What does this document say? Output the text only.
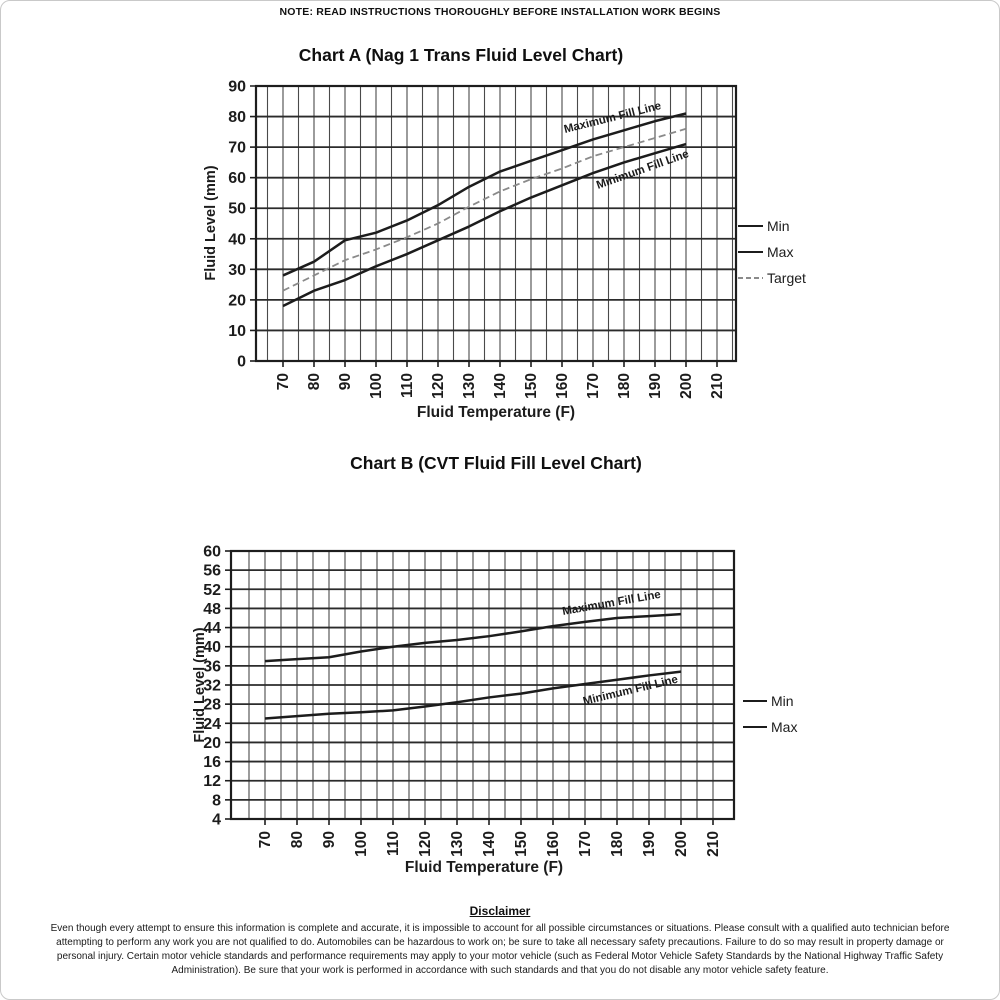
NOTE: READ INSTRUCTIONS THOROUGHLY BEFORE INSTALLATION WORK BEGINS
Chart A (Nag 1 Trans Fluid Level Chart)
0
10
20
30
40
50
60
70
80
90
70 80 90 100 110 120 130 140 150 160 170 180 190 200 210
Fluid Level (mm)
Fluid Temperature (F)
Maximum Fill Line
Minimum Fill Line
Min
Max
Target
Chart B (CVT Fluid Fill Level Chart)
4
8
12
16
20
24
28
32
36
40
44
48
52
56
60
70 80 90 100 110 120 130 140 150 160 170 180 190 200 210
Fluid Level (mm)
Fluid Temperature (F)
Maximum Fill Line
Minimum Fill Line	Min
Max
Disclaimer
Even though every attempt to ensure this information is complete and accurate, it is impossible to account for all possible circumstances or situations. Please consult with a qualified auto technician before attempting to perform any work you are not qualified to do. Automobiles can be hazardous to work on; be sure to take all necessary safety precautions. Failure to do so may result in property damage or personal injury. Certain motor vehicle standards and performance requirements may apply to your motor vehicle (such as Federal Motor Vehicle Safety Standards by the National Highway Traffic Safety Administration). Be sure that your work is performed in accordance with such standards and that you do not disable any motor vehicle safety feature.
